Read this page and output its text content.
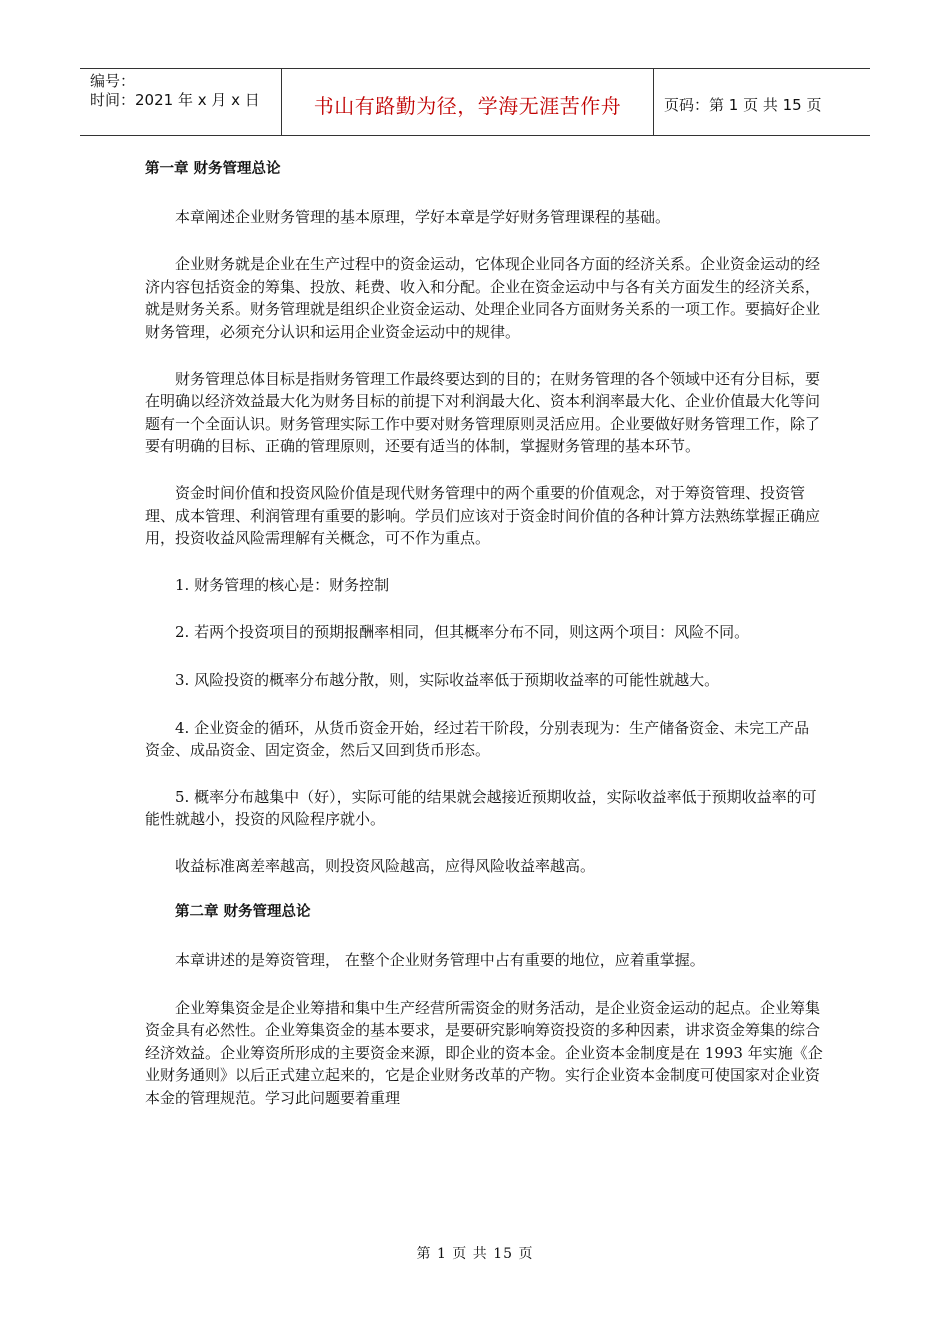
编号：
时间：2021 年 x 月 x 日	书山有路勤为径，学海无涯苦作舟	页码：第 1 页 共 15 页

第一章 财务管理总论

本章阐述企业财务管理的基本原理，学好本章是学好财务管理课程的基础。

企业财务就是企业在生产过程中的资金运动，它体现企业同各方面的经济关系。企业资金运动的经济内容包括资金的筹集、投放、耗费、收入和分配。企业在资金运动中与各有关方面发生的经济关系，就是财务关系。财务管理就是组织企业资金运动、处理企业同各方面财务关系的一项工作。要搞好企业财务管理，必须充分认识和运用企业资金运动中的规律。

财务管理总体目标是指财务管理工作最终要达到的目的；在财务管理的各个领域中还有分目标，要在明确以经济效益最大化为财务目标的前提下对利润最大化、资本利润率最大化、企业价值最大化等问题有一个全面认识。财务管理实际工作中要对财务管理原则灵活应用。企业要做好财务管理工作，除了要有明确的目标、正确的管理原则，还要有适当的体制，掌握财务管理的基本环节。

资金时间价值和投资风险价值是现代财务管理中的两个重要的价值观念，对于筹资管理、投资管理、成本管理、利润管理有重要的影响。学员们应该对于资金时间价值的各种计算方法熟练掌握正确应用，投资收益风险需理解有关概念，可不作为重点。

1. 财务管理的核心是：财务控制

2. 若两个投资项目的预期报酬率相同，但其概率分布不同，则这两个项目：风险不同。

3. 风险投资的概率分布越分散，则，实际收益率低于预期收益率的可能性就越大。

4. 企业资金的循环，从货币资金开始，经过若干阶段，分别表现为：生产储备资金、未完工产品资金、成品资金、固定资金，然后又回到货币形态。

5. 概率分布越集中（好），实际可能的结果就会越接近预期收益，实际收益率低于预期收益率的可能性就越小，投资的风险程序就小。

收益标准离差率越高，则投资风险越高，应得风险收益率越高。

第二章 财务管理总论

本章讲述的是筹资管理， 在整个企业财务管理中占有重要的地位，应着重掌握。

企业筹集资金是企业筹措和集中生产经营所需资金的财务活动，是企业资金运动的起点。企业筹集资金具有必然性。企业筹集资金的基本要求，是要研究影响筹资投资的多种因素，讲求资金筹集的综合经济效益。企业筹资所形成的主要资金来源，即企业的资本金。企业资本金制度是在 1993 年实施《企业财务通则》以后正式建立起来的，它是企业财务改革的产物。实行企业资本金制度可使国家对企业资本金的管理规范。学习此问题要着重理

第 1 页 共 15 页
